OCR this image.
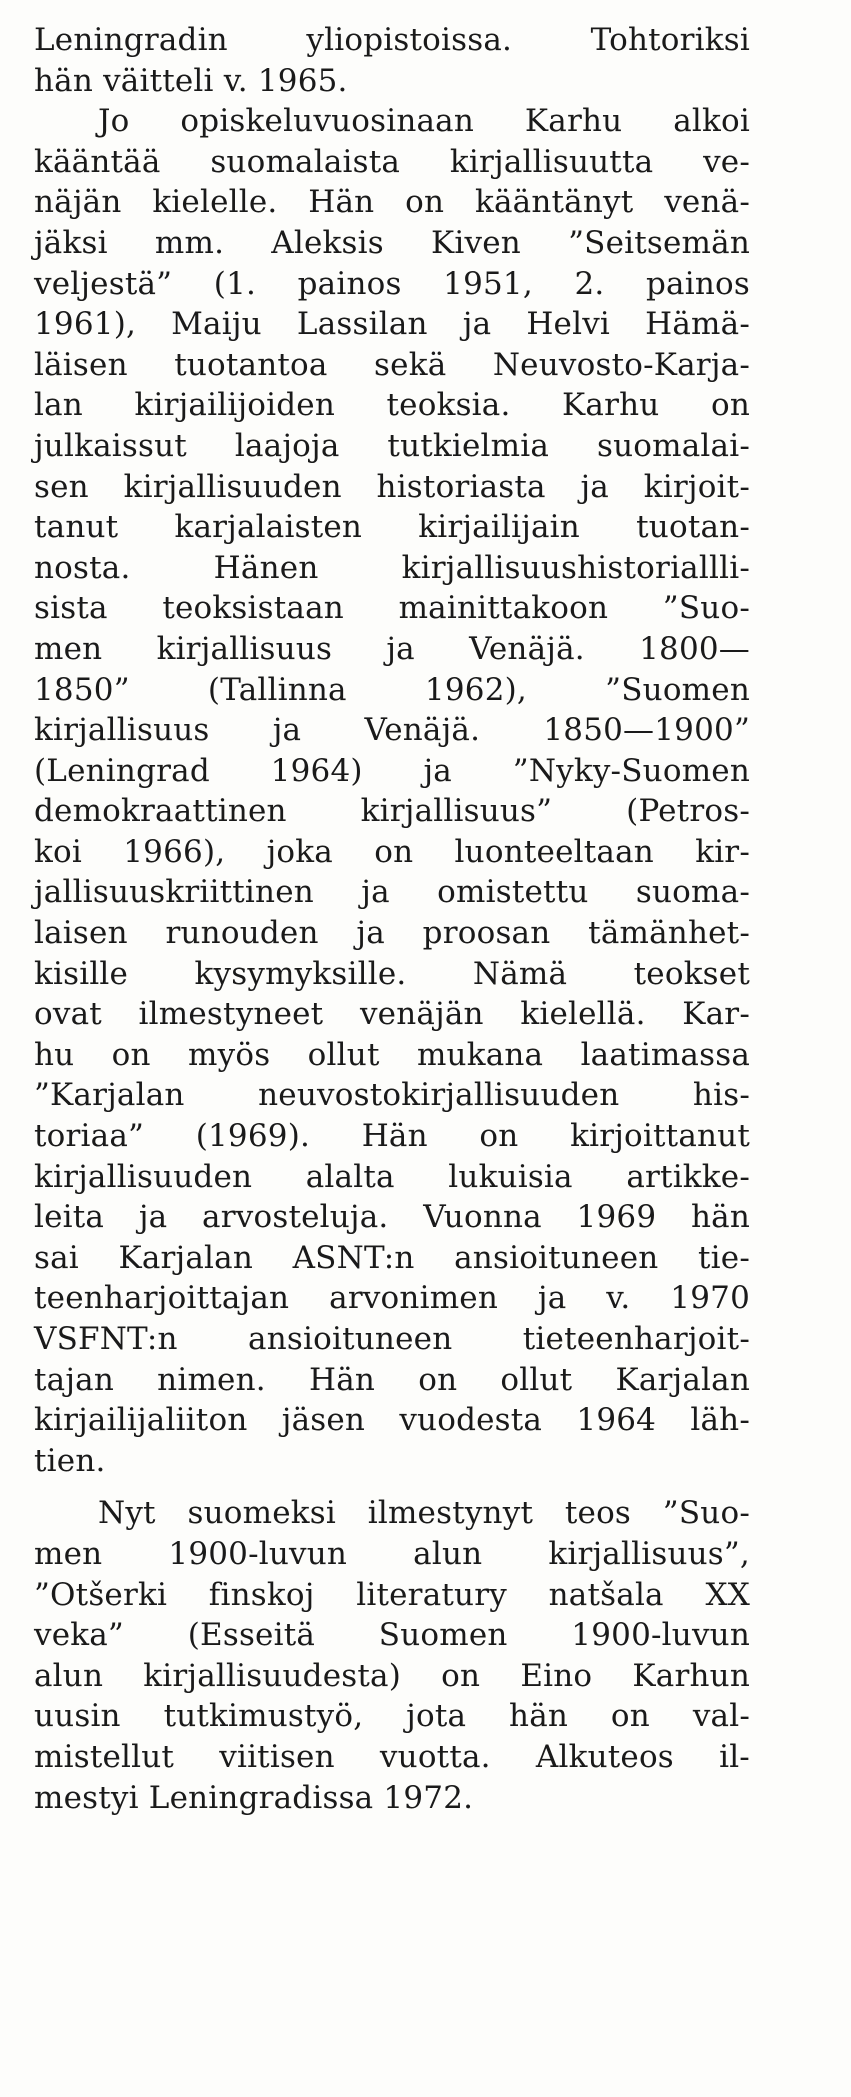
Leningradin yliopistoissa. Tohtoriksi
hän väitteli v. 1965.
Jo opiskeluvuosinaan Karhu alkoi
kääntää suomalaista kirjallisuutta ve-
näjän kielelle. Hän on kääntänyt venä-
jäksi mm. Aleksis Kiven ”Seitsemän
veljestä” (1. painos 1951, 2. painos
1961), Maiju Lassilan ja Helvi Hämä-
läisen tuotantoa sekä Neuvosto-Karja-
lan kirjailijoiden teoksia. Karhu on
julkaissut laajoja tutkielmia suomalai-
sen kirjallisuuden historiasta ja kirjoit-
tanut karjalaisten kirjailijain tuotan-
nosta. Hänen kirjallisuushistoriallli-
sista teoksistaan mainittakoon ”Suo-
men kirjallisuus ja Venäjä. 1800—
1850” (Tallinna 1962), ”Suomen
kirjallisuus ja Venäjä. 1850—1900”
(Leningrad 1964) ja ”Nyky-Suomen
demokraattinen kirjallisuus” (Petros-
koi 1966), joka on luonteeltaan kir-
jallisuuskriittinen ja omistettu suoma-
laisen runouden ja proosan tämänhet-
kisille kysymyksille. Nämä teokset
ovat ilmestyneet venäjän kielellä. Kar-
hu on myös ollut mukana laatimassa
”Karjalan neuvostokirjallisuuden his-
toriaa” (1969). Hän on kirjoittanut
kirjallisuuden alalta lukuisia artikke-
leita ja arvosteluja. Vuonna 1969 hän
sai Karjalan ASNT:n ansioituneen tie-
teenharjoittajan arvonimen ja v. 1970
VSFNT:n ansioituneen tieteenharjoit-
tajan nimen. Hän on ollut Karjalan
kirjailijaliiton jäsen vuodesta 1964 läh-
tien.
Nyt suomeksi ilmestynyt teos ”Suo-
men 1900-luvun alun kirjallisuus”,
”Otšerki finskoj literatury natšala XX
veka” (Esseitä Suomen 1900-luvun
alun kirjallisuudesta) on Eino Karhun
uusin tutkimustyö, jota hän on val-
mistellut viitisen vuotta. Alkuteos il-
mestyi Leningradissa 1972.
